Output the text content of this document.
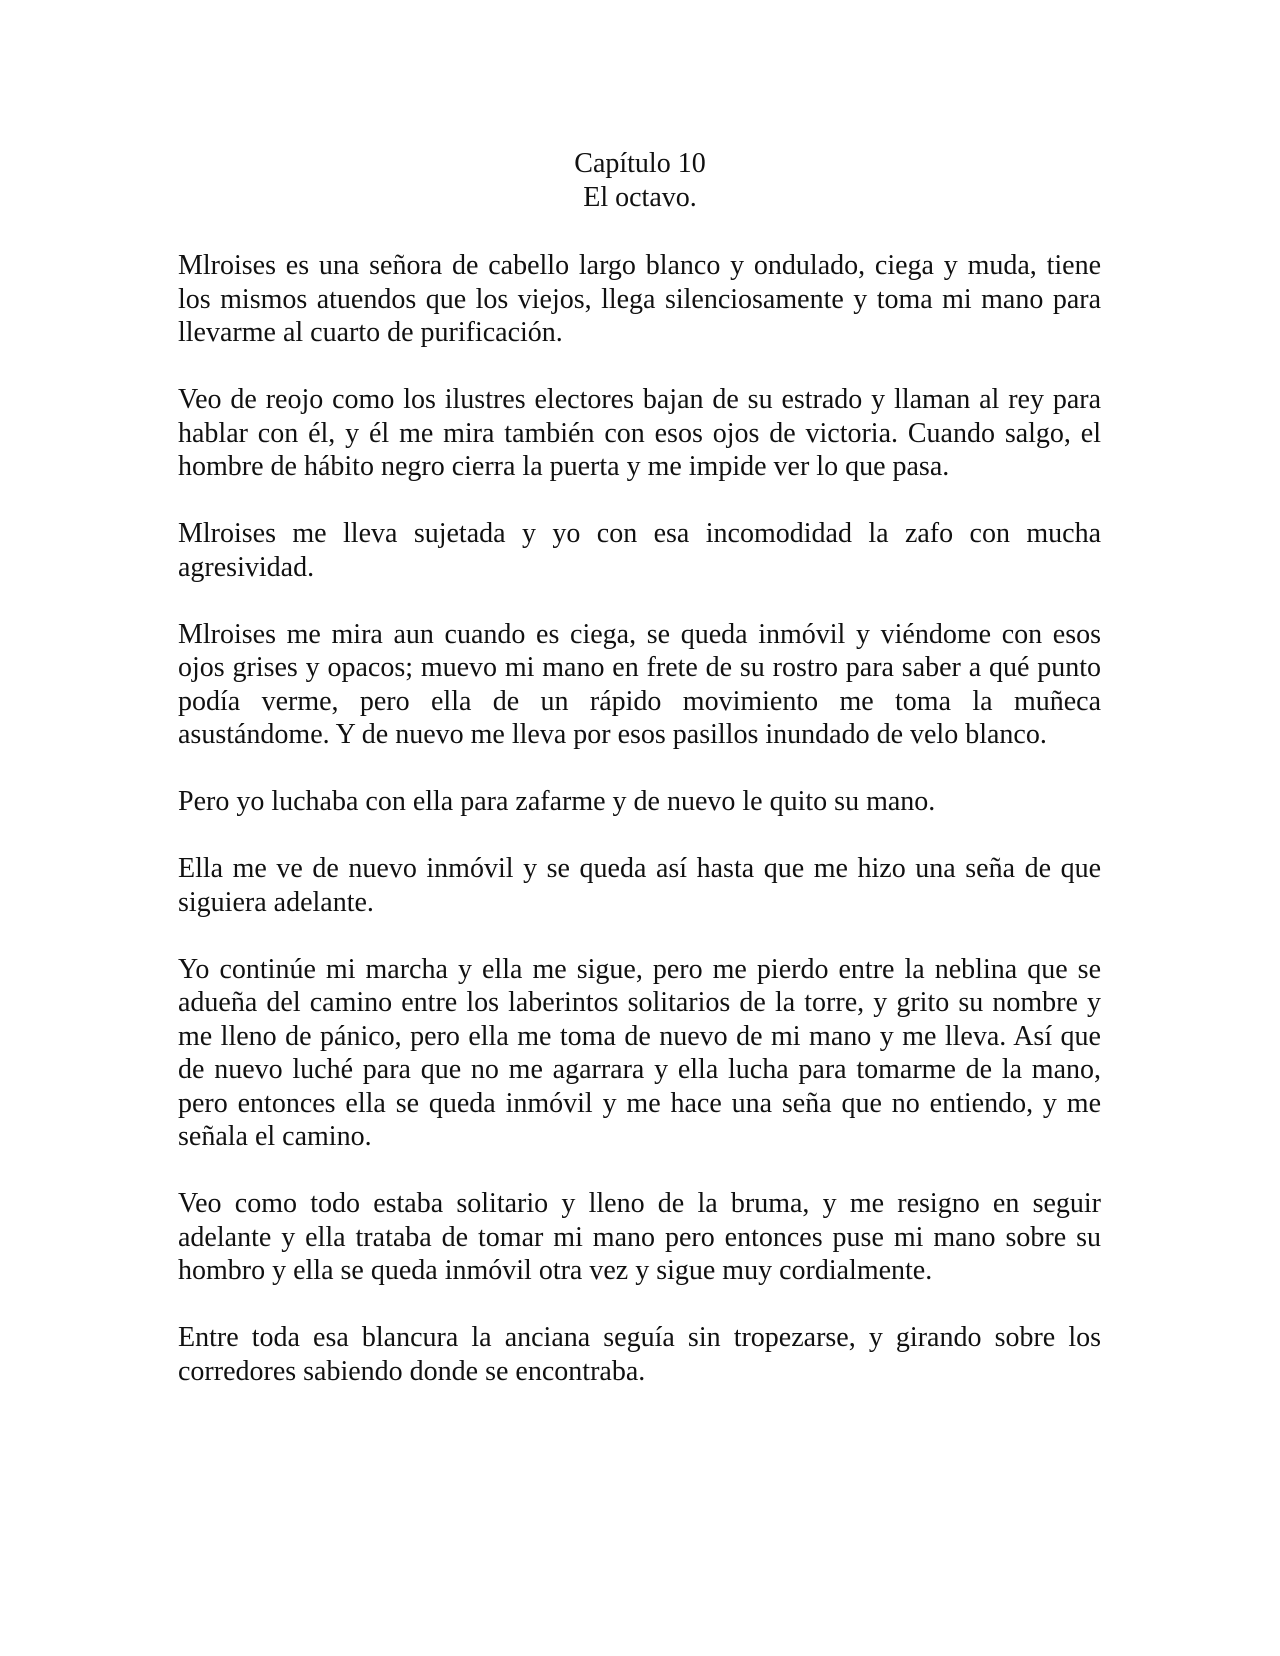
Capítulo 10
El octavo.

Mlroises es una señora de cabello largo blanco y ondulado, ciega y muda, tiene los mismos atuendos que los viejos, llega silenciosamente y toma mi mano para llevarme al cuarto de purificación.

Veo de reojo como los ilustres electores bajan de su estrado y llaman al rey para hablar con él, y él me mira también con esos ojos de victoria. Cuando salgo, el hombre de hábito negro cierra la puerta y me impide ver lo que pasa.

Mlroises me lleva sujetada y yo con esa incomodidad la zafo con mucha agresividad.

Mlroises me mira aun cuando es ciega, se queda inmóvil y viéndome con esos ojos grises y opacos; muevo mi mano en frete de su rostro para saber a qué punto podía verme, pero ella de un rápido movimiento me toma la muñeca asustándome. Y de nuevo me lleva por esos pasillos inundado de velo blanco.

Pero yo luchaba con ella para zafarme y de nuevo le quito su mano.

Ella me ve de nuevo inmóvil y se queda así hasta que me hizo una seña de que siguiera adelante.

Yo continúe mi marcha y ella me sigue, pero me pierdo entre la neblina que se adueña del camino entre los laberintos solitarios de la torre, y grito su nombre y me lleno de pánico, pero ella me toma de nuevo de mi mano y me lleva. Así que de nuevo luché para que no me agarrara y ella lucha para tomarme de la mano, pero entonces ella se queda inmóvil y me hace una seña que no entiendo, y me señala el camino.

Veo como todo estaba solitario y lleno de la bruma, y me resigno en seguir adelante y ella trataba de tomar mi mano pero entonces puse mi mano sobre su hombro y ella se queda inmóvil otra vez y sigue muy cordialmente.

Entre toda esa blancura la anciana seguía sin tropezarse, y girando sobre los corredores sabiendo donde se encontraba.
